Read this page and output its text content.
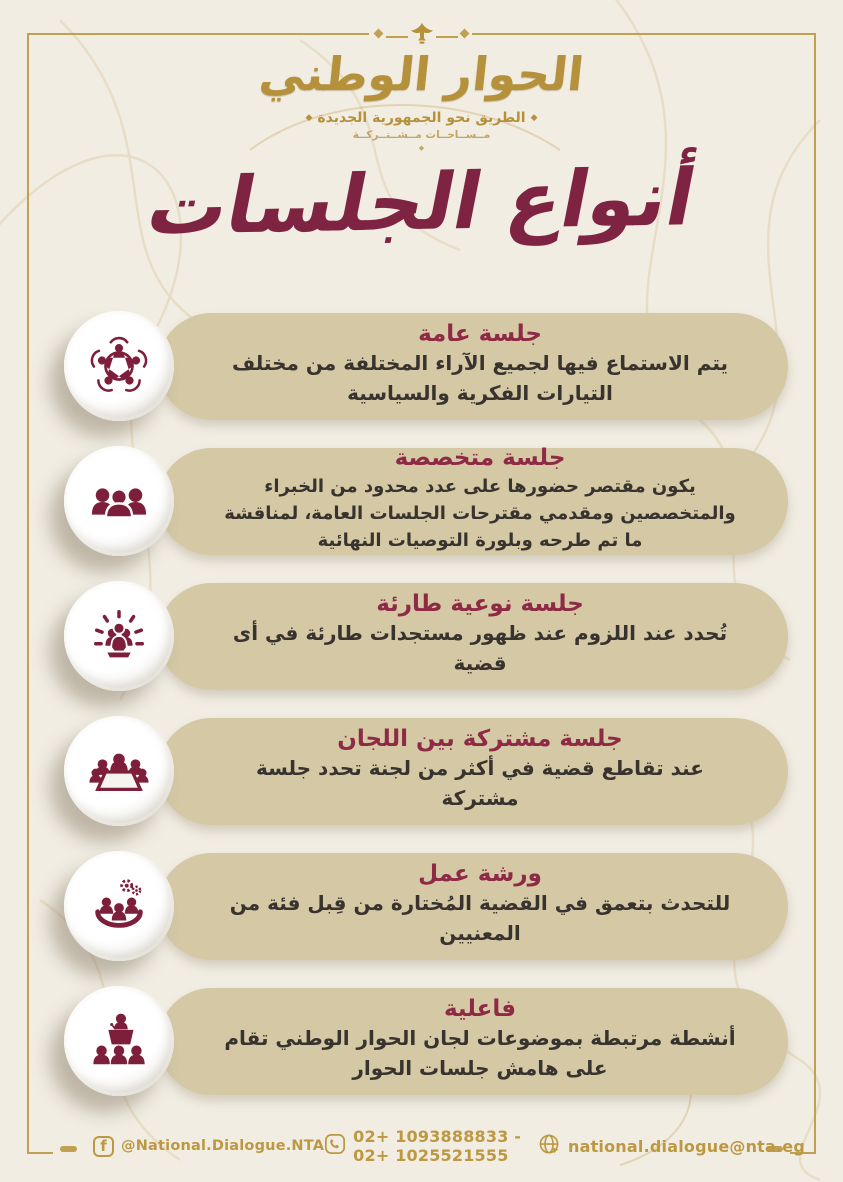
الحوار الوطني
◆الطريق نحو الجمهورية الجديدة◆
مــســاحــات مــشــتــركــة
◆
أنواع الجلسات
جلسة عامة
يتم الاستماع فيها لجميع الآراء المختلفة من مختلف التيارات الفكرية والسياسية
جلسة متخصصة
يكون مقتصر حضورها على عدد محدود من الخبراء والمتخصصين ومقدمي مقترحات الجلسات العامة، لمناقشة ما تم طرحه وبلورة التوصيات النهائية
جلسة نوعية طارئة
تُحدد عند اللزوم عند ظهور مستجدات طارئة في أى قضية
جلسة مشتركة بين اللجان
عند تقاطع قضية في أكثر من لجنة تحدد جلسة مشتركة
ورشة عمل
للتحدث بتعمق في القضية المُختارة من قِبل فئة من المعنيين
فاعلية
أنشطة مرتبطة بموضوعات لجان الحوار الوطني تقام على هامش جلسات الحوار
f @National.Dialogue.NTA 02+ 1093888833 - 02+ 1025521555	national.dialogue@nta.eg
